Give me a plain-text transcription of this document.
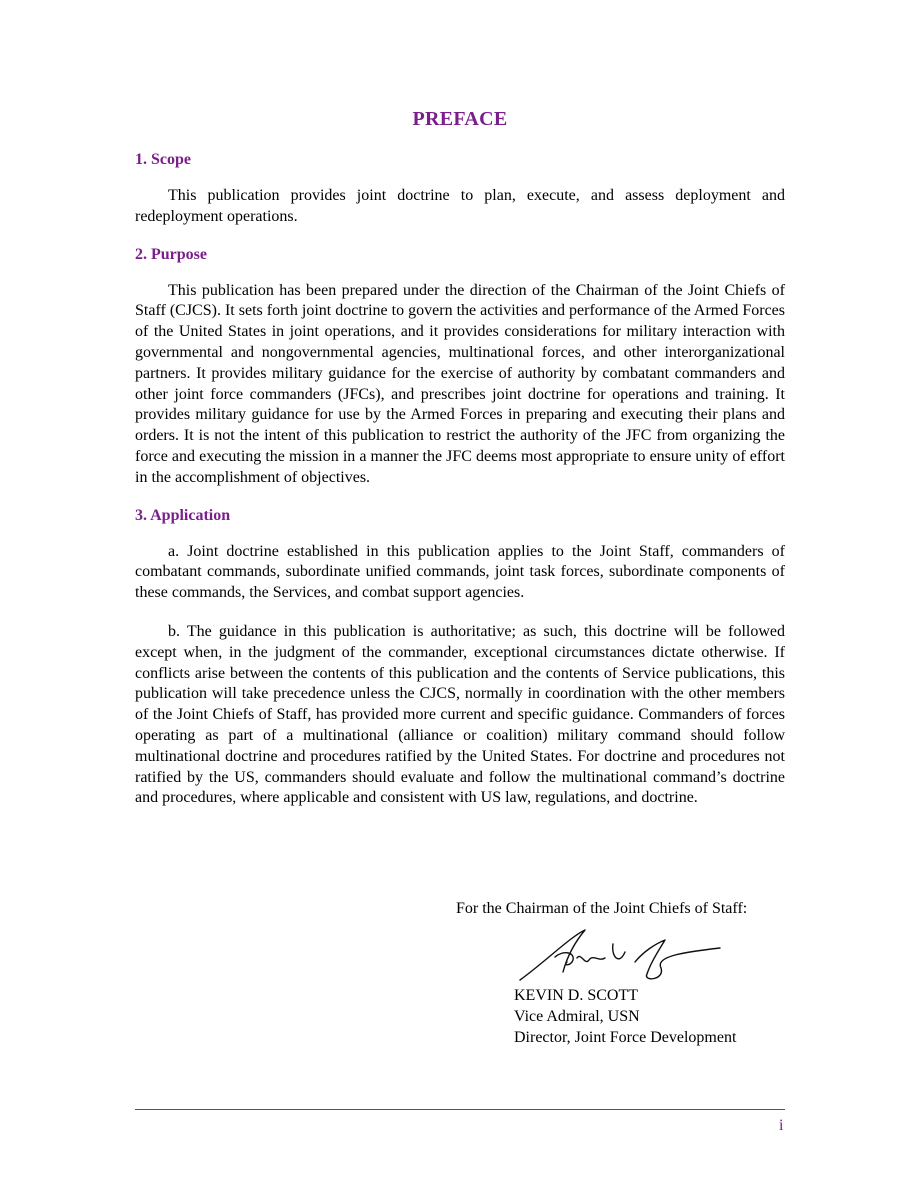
PREFACE
1. Scope

This publication provides joint doctrine to plan, execute, and assess deployment and redeployment operations.

2. Purpose

This publication has been prepared under the direction of the Chairman of the Joint Chiefs of Staff (CJCS). It sets forth joint doctrine to govern the activities and performance of the Armed Forces of the United States in joint operations, and it provides considerations for military interaction with governmental and nongovernmental agencies, multinational forces, and other interorganizational partners. It provides military guidance for the exercise of authority by combatant commanders and other joint force commanders (JFCs), and prescribes joint doctrine for operations and training. It provides military guidance for use by the Armed Forces in preparing and executing their plans and orders. It is not the intent of this publication to restrict the authority of the JFC from organizing the force and executing the mission in a manner the JFC deems most appropriate to ensure unity of effort in the accomplishment of objectives.

3. Application

a. Joint doctrine established in this publication applies to the Joint Staff, commanders of combatant commands, subordinate unified commands, joint task forces, subordinate components of these commands, the Services, and combat support agencies.

b. The guidance in this publication is authoritative; as such, this doctrine will be followed except when, in the judgment of the commander, exceptional circumstances dictate otherwise. If conflicts arise between the contents of this publication and the contents of Service publications, this publication will take precedence unless the CJCS, normally in coordination with the other members of the Joint Chiefs of Staff, has provided more current and specific guidance. Commanders of forces operating as part of a multinational (alliance or coalition) military command should follow multinational doctrine and procedures ratified by the United States. For doctrine and procedures not ratified by the US, commanders should evaluate and follow the multinational command’s doctrine and procedures, where applicable and consistent with US law, regulations, and doctrine.

For the Chairman of the Joint Chiefs of Staff:
KEVIN D. SCOTT
Vice Admiral, USN
Director, Joint Force Development
i
